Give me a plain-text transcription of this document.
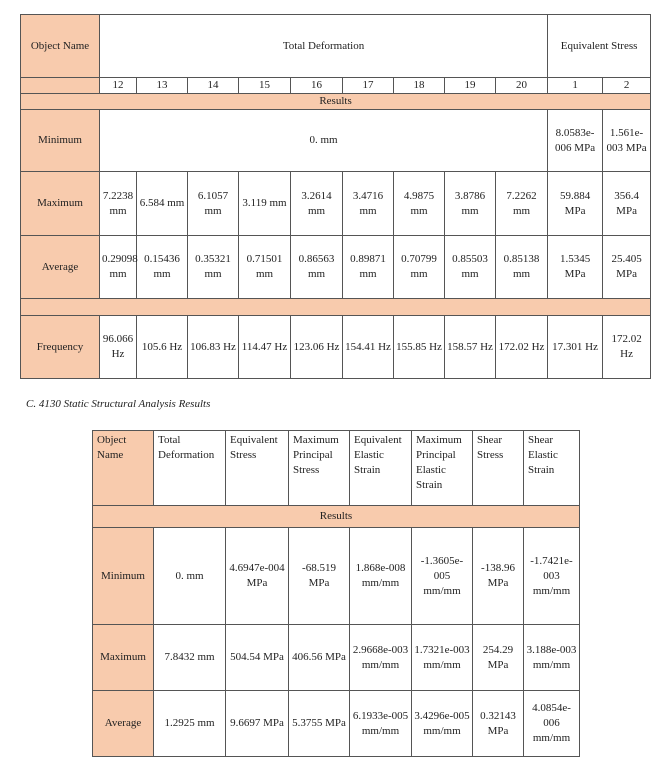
Object Name	Total Deformation									Equivalent Stress	
	12	13	14	15	16	17	18	19	20	1	2
Results											
Minimum	0. mm									8.0583e-006 MPa	1.561e-003 MPa
Maximum	7.2238 mm	6.584 mm	6.1057 mm	3.119 mm	3.2614 mm	3.4716 mm	4.9875 mm	3.8786 mm	7.2262 mm	59.884 MPa	356.4 MPa
Average	0.29098 mm	0.15436 mm	0.35321 mm	0.71501 mm	0.86563 mm	0.89871 mm	0.70799 mm	0.85503 mm	0.85138 mm	1.5345 MPa	25.405 MPa

Frequency	96.066 Hz	105.6 Hz	106.83 Hz	114.47 Hz	123.06 Hz	154.41 Hz	155.85 Hz	158.57 Hz	172.02 Hz	17.301 Hz	172.02 Hz
C. 4130 Static Structural Analysis Results
Object Name	Total Deformation	Equivalent Stress	Maximum Principal Stress	Equivalent Elastic Strain	Maximum Principal Elastic Strain	Shear Stress	Shear Elastic Strain
Results							
Minimum	0. mm	4.6947e-004 MPa	-68.519 MPa	1.868e-008 mm/mm	-1.3605e-005 mm/mm	-138.96 MPa	-1.7421e-003 mm/mm
Maximum	7.8432 mm	504.54 MPa	406.56 MPa	2.9668e-003 mm/mm	1.7321e-003 mm/mm	254.29 MPa	3.188e-003 mm/mm
Average	1.2925 mm	9.6697 MPa	5.3755 MPa	6.1933e-005 mm/mm	3.4296e-005 mm/mm	0.32143 MPa	4.0854e-006 mm/mm
